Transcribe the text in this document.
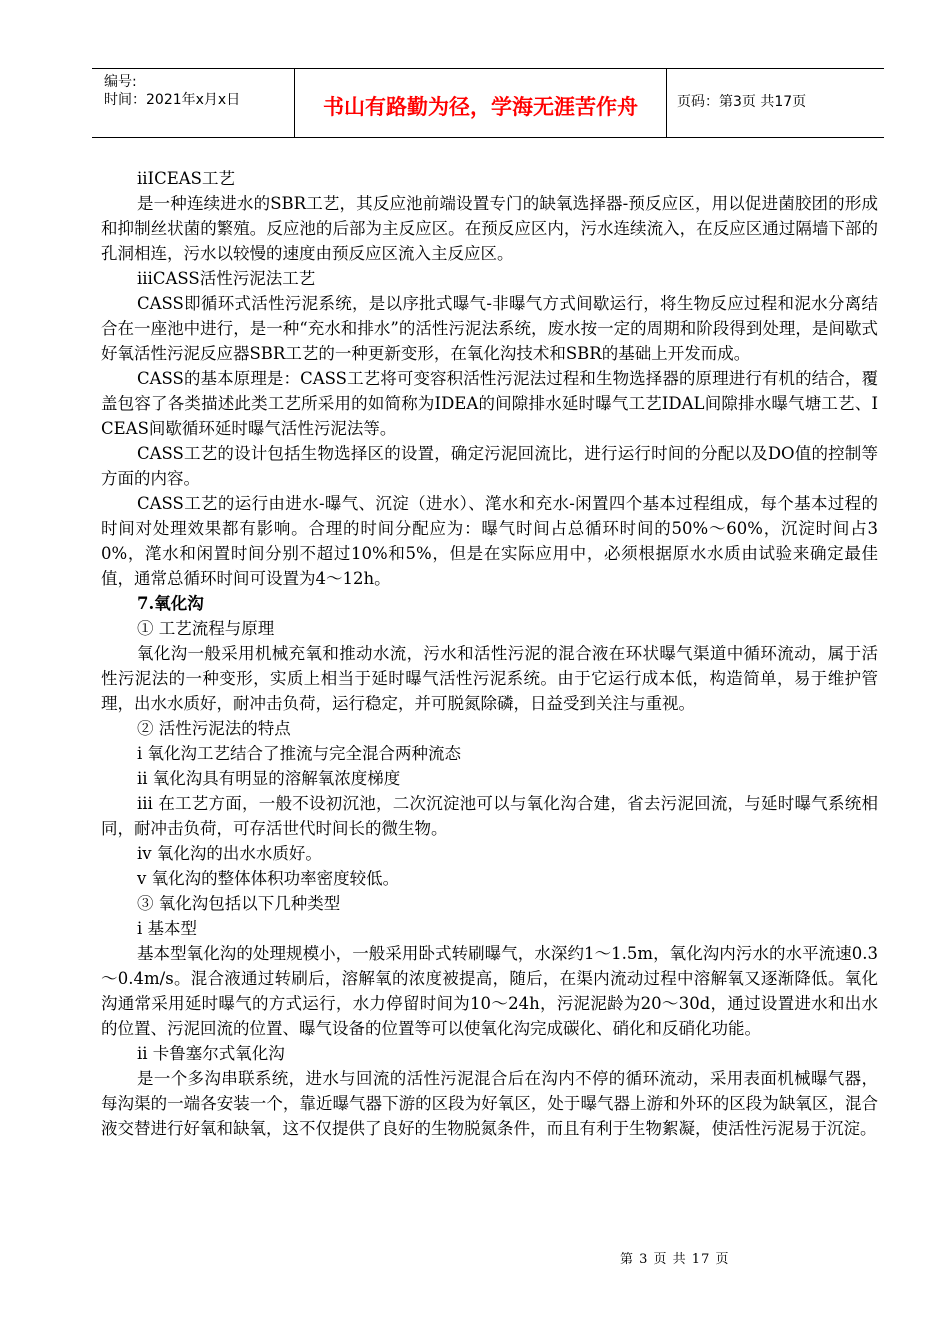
编号:
时间：2021年x月x日	书山有路勤为径，学海无涯苦作舟	页码：第3页 共17页

iiICEAS工艺

是一种连续进水的SBR工艺，其反应池前端设置专门的缺氧选择器-预反应区，用以促进菌胶团的形成和抑制丝状菌的繁殖。反应池的后部为主反应区。在预反应区内，污水连续流入，在反应区通过隔墙下部的孔洞相连，污水以较慢的速度由预反应区流入主反应区。

iiiCASS活性污泥法工艺

CASS即循环式活性污泥系统，是以序批式曝气-非曝气方式间歇运行，将生物反应过程和泥水分离结合在一座池中进行，是一种“充水和排水”的活性污泥法系统，废水按一定的周期和阶段得到处理，是间歇式好氧活性污泥反应器SBR工艺的一种更新变形，在氧化沟技术和SBR的基础上开发而成。

CASS的基本原理是：CASS工艺将可变容积活性污泥法过程和生物选择器的原理进行有机的结合，覆盖包容了各类描述此类工艺所采用的如简称为IDEA的间隙排水延时曝气工艺IDAL间隙排水曝气塘工艺、ICEAS间歇循环延时曝气活性污泥法等。

CASS工艺的设计包括生物选择区的设置，确定污泥回流比，进行运行时间的分配以及DO值的控制等方面的内容。

CASS工艺的运行由进水-曝气、沉淀（进水）、滗水和充水-闲置四个基本过程组成，每个基本过程的时间对处理效果都有影响。合理的时间分配应为：曝气时间占总循环时间的50%～60%，沉淀时间占30%，滗水和闲置时间分别不超过10%和5%，但是在实际应用中，必须根据原水水质由试验来确定最佳值，通常总循环时间可设置为4～12h。

7.氧化沟

① 工艺流程与原理

氧化沟一般采用机械充氧和推动水流，污水和活性污泥的混合液在环状曝气渠道中循环流动，属于活性污泥法的一种变形，实质上相当于延时曝气活性污泥系统。由于它运行成本低，构造简单，易于维护管理，出水水质好，耐冲击负荷，运行稳定，并可脱氮除磷，日益受到关注与重视。

② 活性污泥法的特点

i 氧化沟工艺结合了推流与完全混合两种流态

ii 氧化沟具有明显的溶解氧浓度梯度

iii 在工艺方面，一般不设初沉池，二次沉淀池可以与氧化沟合建，省去污泥回流，与延时曝气系统相同，耐冲击负荷，可存活世代时间长的微生物。

iv 氧化沟的出水水质好。

v 氧化沟的整体体积功率密度较低。

③ 氧化沟包括以下几种类型

i 基本型

基本型氧化沟的处理规模小，一般采用卧式转刷曝气，水深约1～1.5m，氧化沟内污水的水平流速0.3～0.4m/s。混合液通过转刷后，溶解氧的浓度被提高，随后，在渠内流动过程中溶解氧又逐渐降低。氧化沟通常采用延时曝气的方式运行，水力停留时间为10～24h，污泥泥龄为20～30d，通过设置进水和出水的位置、污泥回流的位置、曝气设备的位置等可以使氧化沟完成碳化、硝化和反硝化功能。

ii 卡鲁塞尔式氧化沟

是一个多沟串联系统，进水与回流的活性污泥混合后在沟内不停的循环流动，采用表面机械曝气器，每沟渠的一端各安装一个，靠近曝气器下游的区段为好氧区，处于曝气器上游和外环的区段为缺氧区，混合液交替进行好氧和缺氧，这不仅提供了良好的生物脱氮条件，而且有利于生物絮凝，使活性污泥易于沉淀。

第 3 页 共 17 页
